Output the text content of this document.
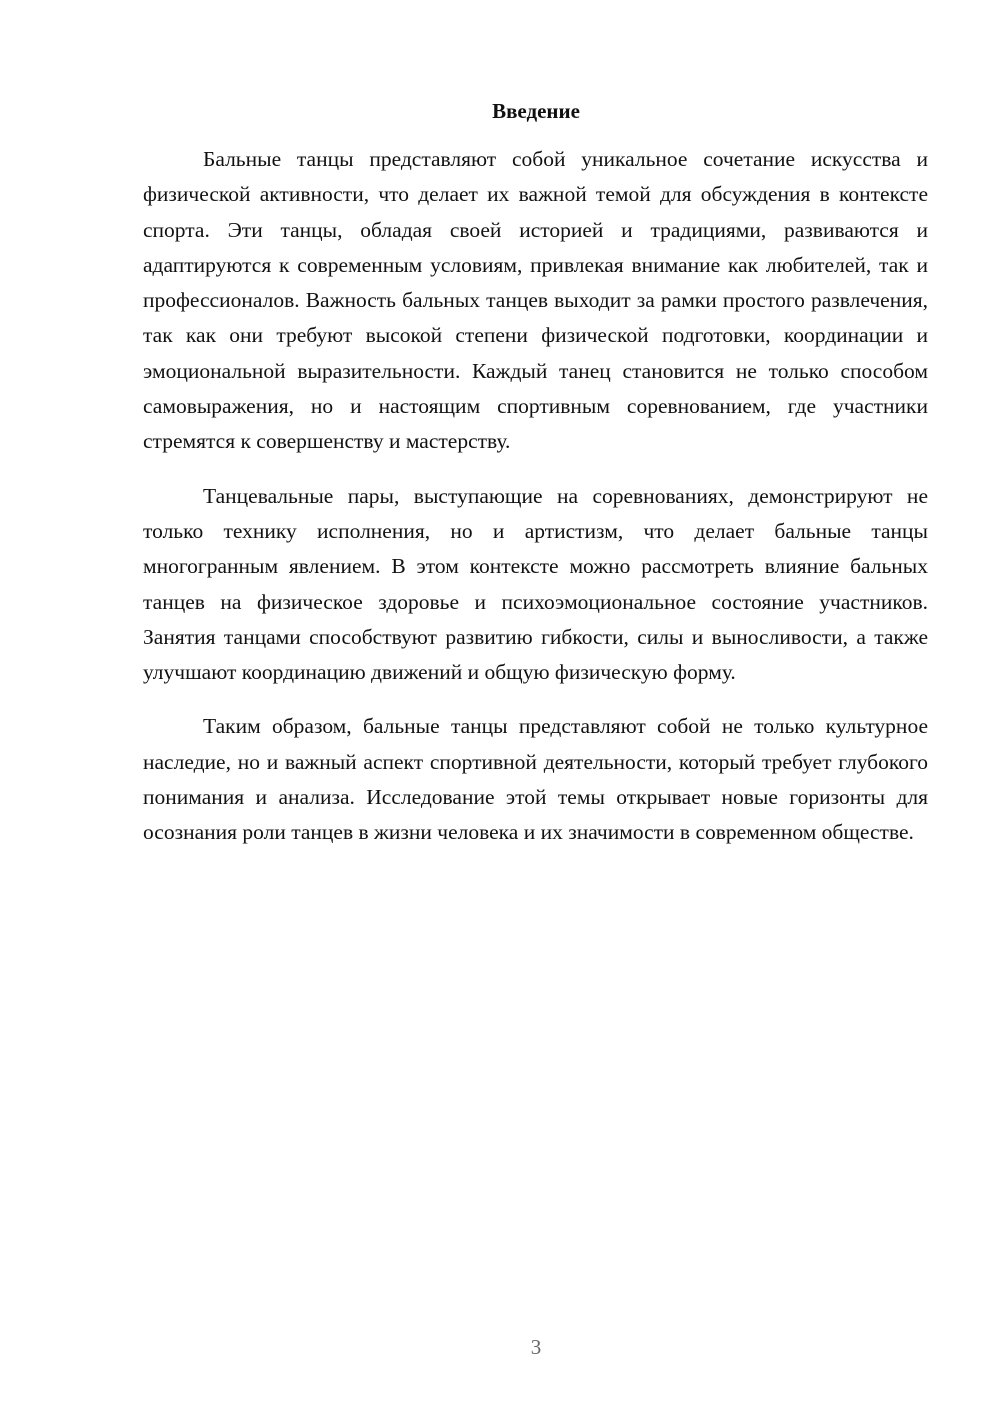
Введение

Бальные танцы представляют собой уникальное сочетание искусства и физической активности, что делает их важной темой для обсуждения в контексте спорта. Эти танцы, обладая своей историей и традициями, развиваются и адаптируются к современным условиям, привлекая внимание как любителей, так и профессионалов. Важность бальных танцев выходит за рамки простого развлечения, так как они требуют высокой степени физической подготовки, координации и эмоциональной выразительности. Каждый танец становится не только способом самовыражения, но и настоящим спортивным соревнованием, где участники стремятся к совершенству и мастерству.

Танцевальные пары, выступающие на соревнованиях, демонстрируют не только технику исполнения, но и артистизм, что делает бальные танцы многогранным явлением. В этом контексте можно рассмотреть влияние бальных танцев на физическое здоровье и психоэмоциональное состояние участников. Занятия танцами способствуют развитию гибкости, силы и выносливости, а также улучшают координацию движений и общую физическую форму.

Таким образом, бальные танцы представляют собой не только культурное наследие, но и важный аспект спортивной деятельности, который требует глубокого понимания и анализа. Исследование этой темы открывает новые горизонты для осознания роли танцев в жизни человека и их значимости в современном обществе.

3
